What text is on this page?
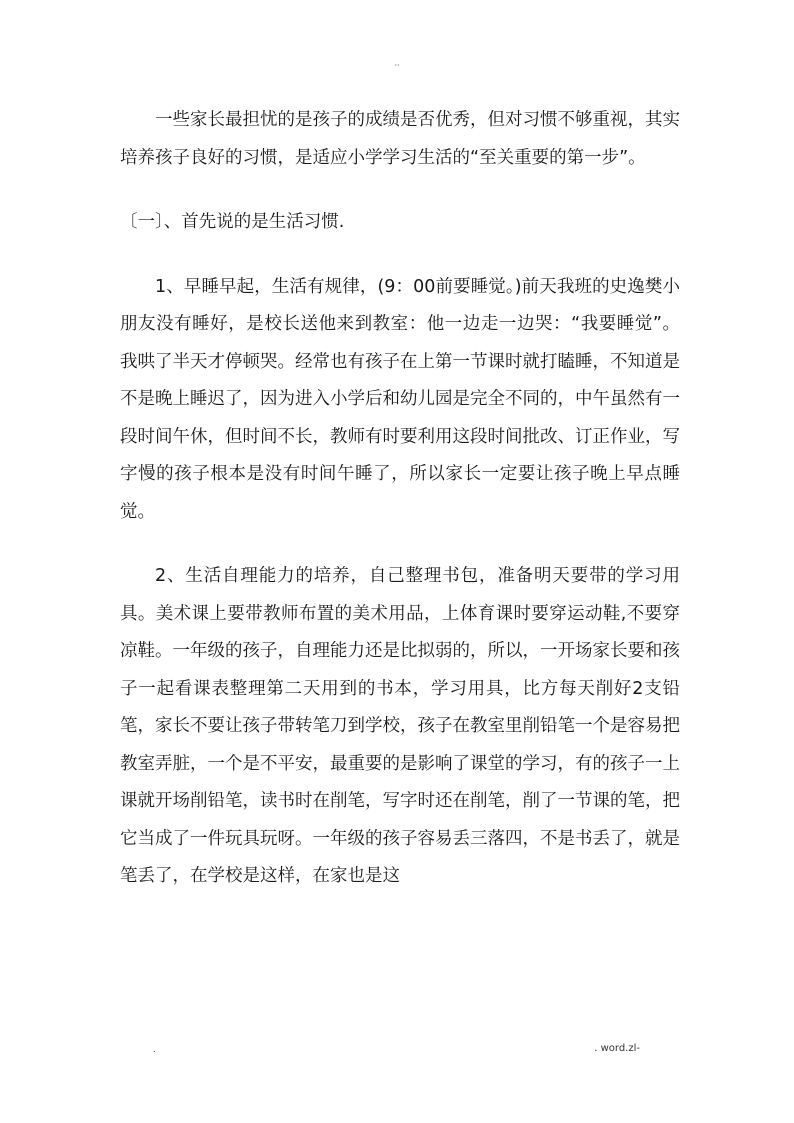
··

一些家长最担忧的是孩子的成绩是否优秀，但对习惯不够重视，其实培养孩子良好的习惯，是适应小学学习生活的“至关重要的第一步”。

〔一〕、首先说的是生活习惯.

1、早睡早起，生活有规律，(9：00前要睡觉。)前天我班的史逸樊小朋友没有睡好，是校长送他来到教室：他一边走一边哭：“我要睡觉”。我哄了半天才停顿哭。经常也有孩子在上第一节课时就打瞌睡，不知道是不是晚上睡迟了，因为进入小学后和幼儿园是完全不同的，中午虽然有一段时间午休，但时间不长，教师有时要利用这段时间批改、订正作业，写字慢的孩子根本是没有时间午睡了，所以家长一定要让孩子晚上早点睡觉。

2、生活自理能力的培养，自己整理书包，准备明天要带的学习用具。美术课上要带教师布置的美术用品，上体育课时要穿运动鞋,不要穿凉鞋。一年级的孩子，自理能力还是比拟弱的，所以，一开场家长要和孩子一起看课表整理第二天用到的书本，学习用具，比方每天削好2支铅笔，家长不要让孩子带转笔刀到学校，孩子在教室里削铅笔一个是容易把教室弄脏，一个是不平安，最重要的是影响了课堂的学习，有的孩子一上课就开场削铅笔，读书时在削笔，写字时还在削笔，削了一节课的笔，把它当成了一件玩具玩呀。一年级的孩子容易丢三落四，不是书丢了，就是笔丢了，在学校是这样，在家也是这

.	. word.zl-
